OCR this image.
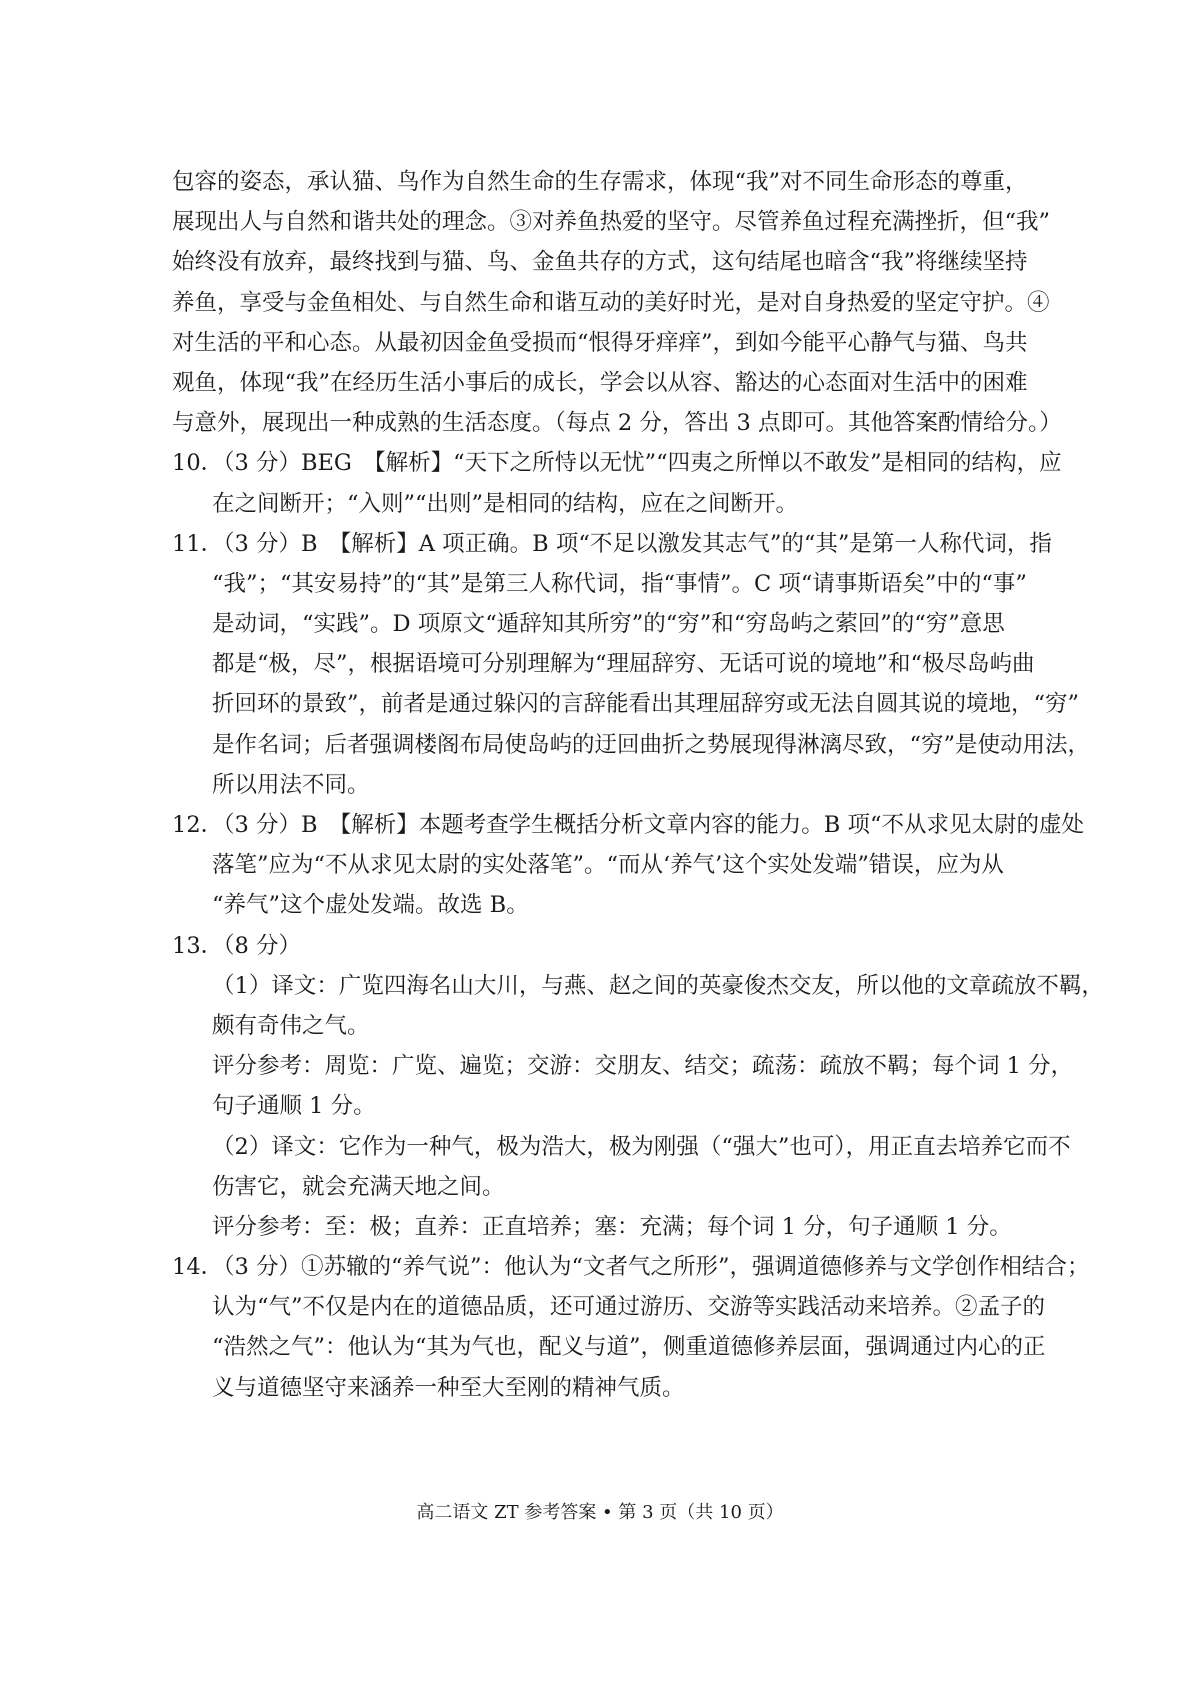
包容的姿态，承认猫、鸟作为自然生命的生存需求，体现“我”对不同生命形态的尊重，
展现出人与自然和谐共处的理念。③对养鱼热爱的坚守。尽管养鱼过程充满挫折，但“我”
始终没有放弃，最终找到与猫、鸟、金鱼共存的方式，这句结尾也暗含“我”将继续坚持
养鱼，享受与金鱼相处、与自然生命和谐互动的美好时光，是对自身热爱的坚定守护。④
对生活的平和心态。从最初因金鱼受损而“恨得牙痒痒”，到如今能平心静气与猫、鸟共
观鱼，体现“我”在经历生活小事后的成长，学会以从容、豁达的心态面对生活中的困难
与意外，展现出一种成熟的生活态度。（每点 2 分，答出 3 点即可。其他答案酌情给分。）
10．
（3 分）BEG　【解析】“天下之所恃以无忧”“四夷之所惮以不敢发”是相同的结构，应
在之间断开；“入则”“出则”是相同的结构，应在之间断开。
11．
（3 分）B　【解析】A 项正确。B 项“不足以激发其志气”的“其”是第一人称代词，指
“我”；“其安易持”的“其”是第三人称代词，指“事情”。C 项“请事斯语矣”中的“事”
是动词，“实践”。D 项原文“遁辞知其所穷”的“穷”和“穷岛屿之萦回”的“穷”意思
都是“极，尽”，根据语境可分别理解为“理屈辞穷、无话可说的境地”和“极尽岛屿曲
折回环的景致”，前者是通过躲闪的言辞能看出其理屈辞穷或无法自圆其说的境地，“穷”
是作名词；后者强调楼阁布局使岛屿的迂回曲折之势展现得淋漓尽致，“穷”是使动用法，
所以用法不同。
12．
（3 分）B　【解析】本题考查学生概括分析文章内容的能力。B 项“不从求见太尉的虚处
落笔”应为“不从求见太尉的实处落笔”。“而从‘养气’这个实处发端”错误，应为从
“养气”这个虚处发端。故选 B。
13．
（8 分）
（1）译文：广览四海名山大川，与燕、赵之间的英豪俊杰交友，所以他的文章疏放不羁，
颇有奇伟之气。
评分参考：周览：广览、遍览；交游：交朋友、结交；疏荡：疏放不羁；每个词 1 分，
句子通顺 1 分。
（2）译文：它作为一种气，极为浩大，极为刚强（“强大”也可），用正直去培养它而不
伤害它，就会充满天地之间。
评分参考：至：极；直养：正直培养；塞：充满；每个词 1 分，句子通顺 1 分。
14．
（3 分）①苏辙的“养气说”：他认为“文者气之所形”，强调道德修养与文学创作相结合；
认为“气”不仅是内在的道德品质，还可通过游历、交游等实践活动来培养。②孟子的
“浩然之气”：他认为“其为气也，配义与道”，侧重道德修养层面，强调通过内心的正
义与道德坚守来涵养一种至大至刚的精神气质。
高二语文 ZT 参考答案 • 第 3 页（共 10 页）
